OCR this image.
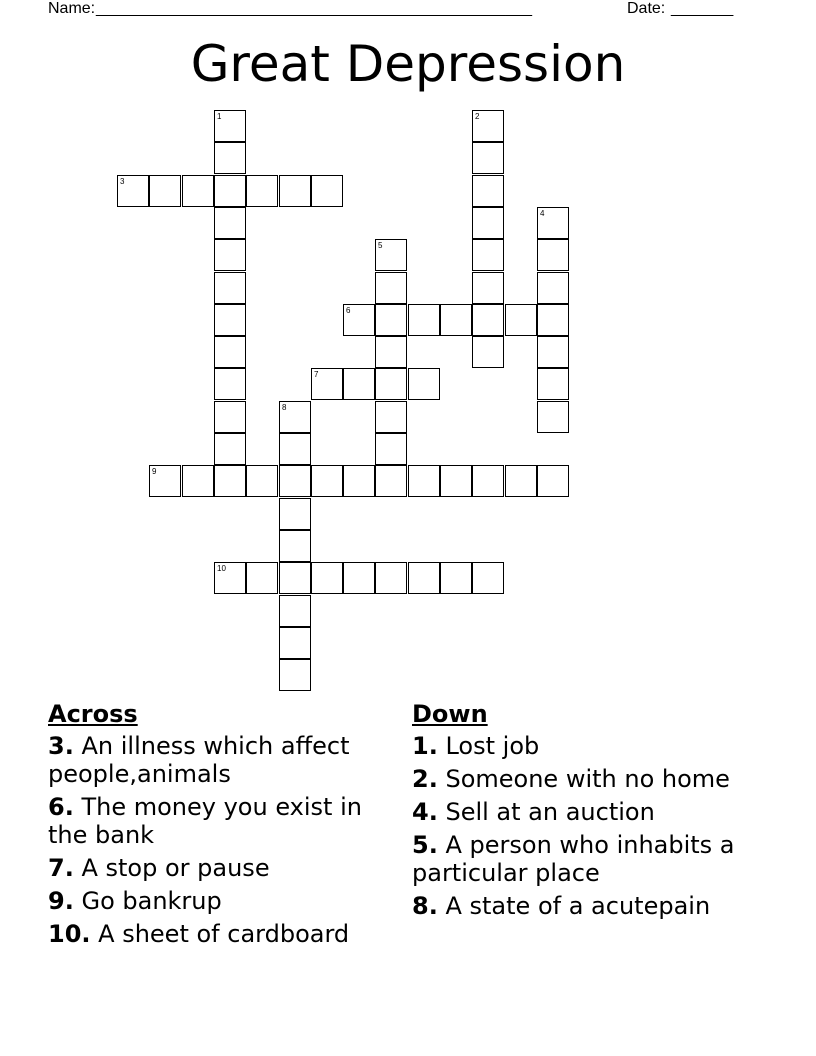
Name: _________________________________________________	Date: _______
Great Depression
1	2
3
4
5
6
7
8
9
10
Across
3. An illness which affect people,animals
6. The money you exist in the bank
7. A stop or pause
9. Go bankrup
10. A sheet of cardboard
Down
1. Lost job
2. Someone with no home
4. Sell at an auction
5. A person who inhabits a particular place
8. A state of a acutepain
